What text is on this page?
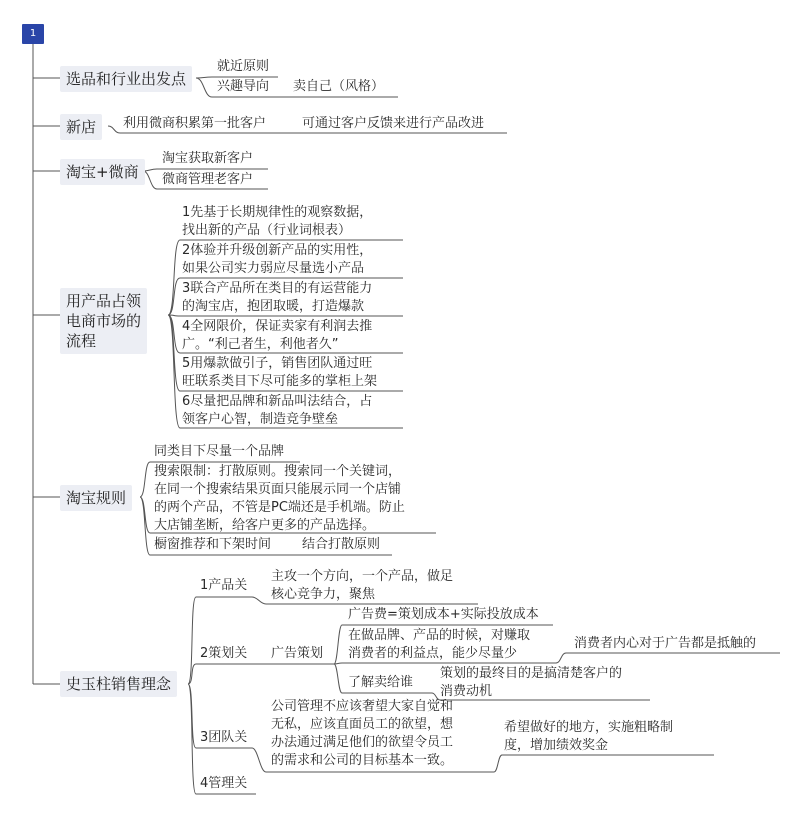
1
选品和行业出发点
就近原则
兴趣导向 卖自己（风格）
新店	利用微商积累第一批客户	可通过客户反馈来进行产品改进
淘宝+微商
淘宝获取新客户
微商管理老客户
用产品占领
电商市场的
流程
1先基于长期规律性的观察数据，
找出新的产品（行业词根表）
2体验并升级创新产品的实用性，
如果公司实力弱应尽量选小产品
3联合产品所在类目的有运营能力
的淘宝店，抱团取暖，打造爆款
4全网限价，保证卖家有利润去推
广。“利己者生，利他者久”
5用爆款做引子，销售团队通过旺
旺联系类目下尽可能多的掌柜上架
6尽量把品牌和新品叫法结合，占
领客户心智，制造竞争壁垒
淘宝规则
同类目下尽量一个品牌
搜索限制：打散原则。搜索同一个关键词，
在同一个搜索结果页面只能展示同一个店铺
的两个产品，不管是PC端还是手机端。防止
大店铺垄断，给客户更多的产品选择。
橱窗推荐和下架时间 结合打散原则
史玉柱销售理念
1产品关
主攻一个方向，一个产品，做足
核心竞争力，聚焦
2策划关 广告策划
广告费=策划成本+实际投放成本
在做品牌、产品的时候，对赚取
消费者的利益点，能少尽量少
消费者内心对于广告都是抵触的
了解卖给谁
策划的最终目的是搞清楚客户的
消费动机
3团队关
公司管理不应该奢望大家自觉和
无私，应该直面员工的欲望，想
办法通过满足他们的欲望令员工
的需求和公司的目标基本一致。
希望做好的地方，实施粗略制
度，增加绩效奖金
4管理关
